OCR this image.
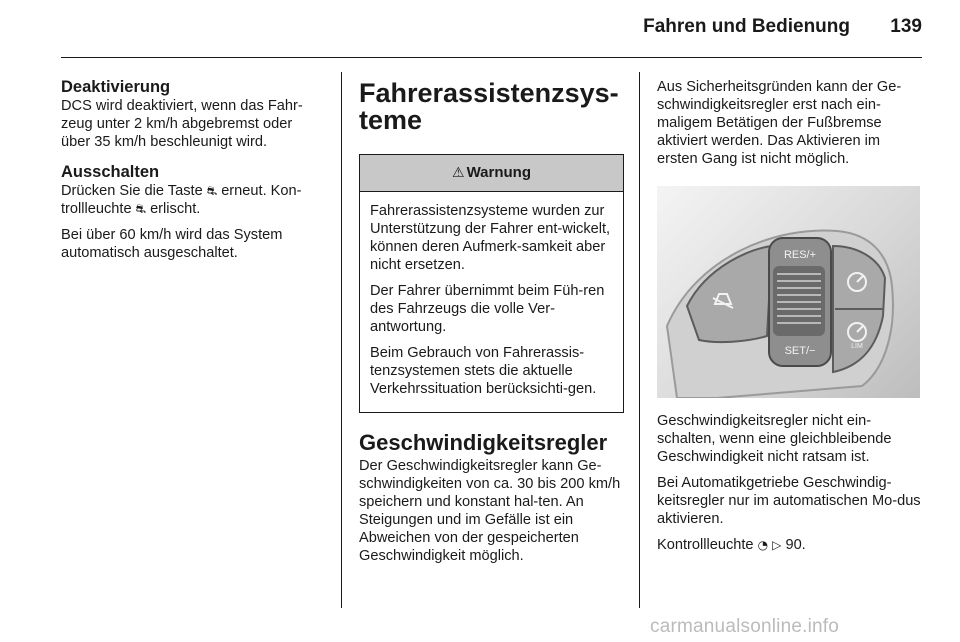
Fahren und Bedienung	139
Deaktivierung

DCS wird deaktiviert, wenn das Fahr-zeug unter 2 km/h abgebremst oder über 35 km/h beschleunigt wird.

Ausschalten

Drücken Sie die Taste ⛐ erneut. Kon-trollleuchte ⛐ erlischt.

Bei über 60 km/h wird das System automatisch ausgeschaltet.

Fahrerassistenzsys-teme
⚠ Warnung

Fahrerassistenzsysteme wurden zur Unterstützung der Fahrer ent-wickelt, können deren Aufmerk-samkeit aber nicht ersetzen.

Der Fahrer übernimmt beim Füh-ren des Fahrzeugs die volle Ver-antwortung.

Beim Gebrauch von Fahrerassis-tenzsystemen stets die aktuelle Verkehrssituation berücksichti-gen.

Geschwindigkeitsregler

Der Geschwindigkeitsregler kann Ge-schwindigkeiten von ca. 30 bis 200 km/h speichern und konstant hal-ten. An Steigungen und im Gefälle ist ein Abweichen von der gespeicherten Geschwindigkeit möglich.

Aus Sicherheitsgründen kann der Ge-schwindigkeitsregler erst nach ein-maligem Betätigen der Fußbremse aktiviert werden. Das Aktivieren im ersten Gang ist nicht möglich.

RES/+
SET/−	LIM

Geschwindigkeitsregler nicht ein-schalten, wenn eine gleichbleibende Geschwindigkeit nicht ratsam ist.

Bei Automatikgetriebe Geschwindig-keitsregler nur im automatischen Mo-dus aktivieren.

Kontrollleuchte ◔ ▷ 90.

carmanualsonline.info
